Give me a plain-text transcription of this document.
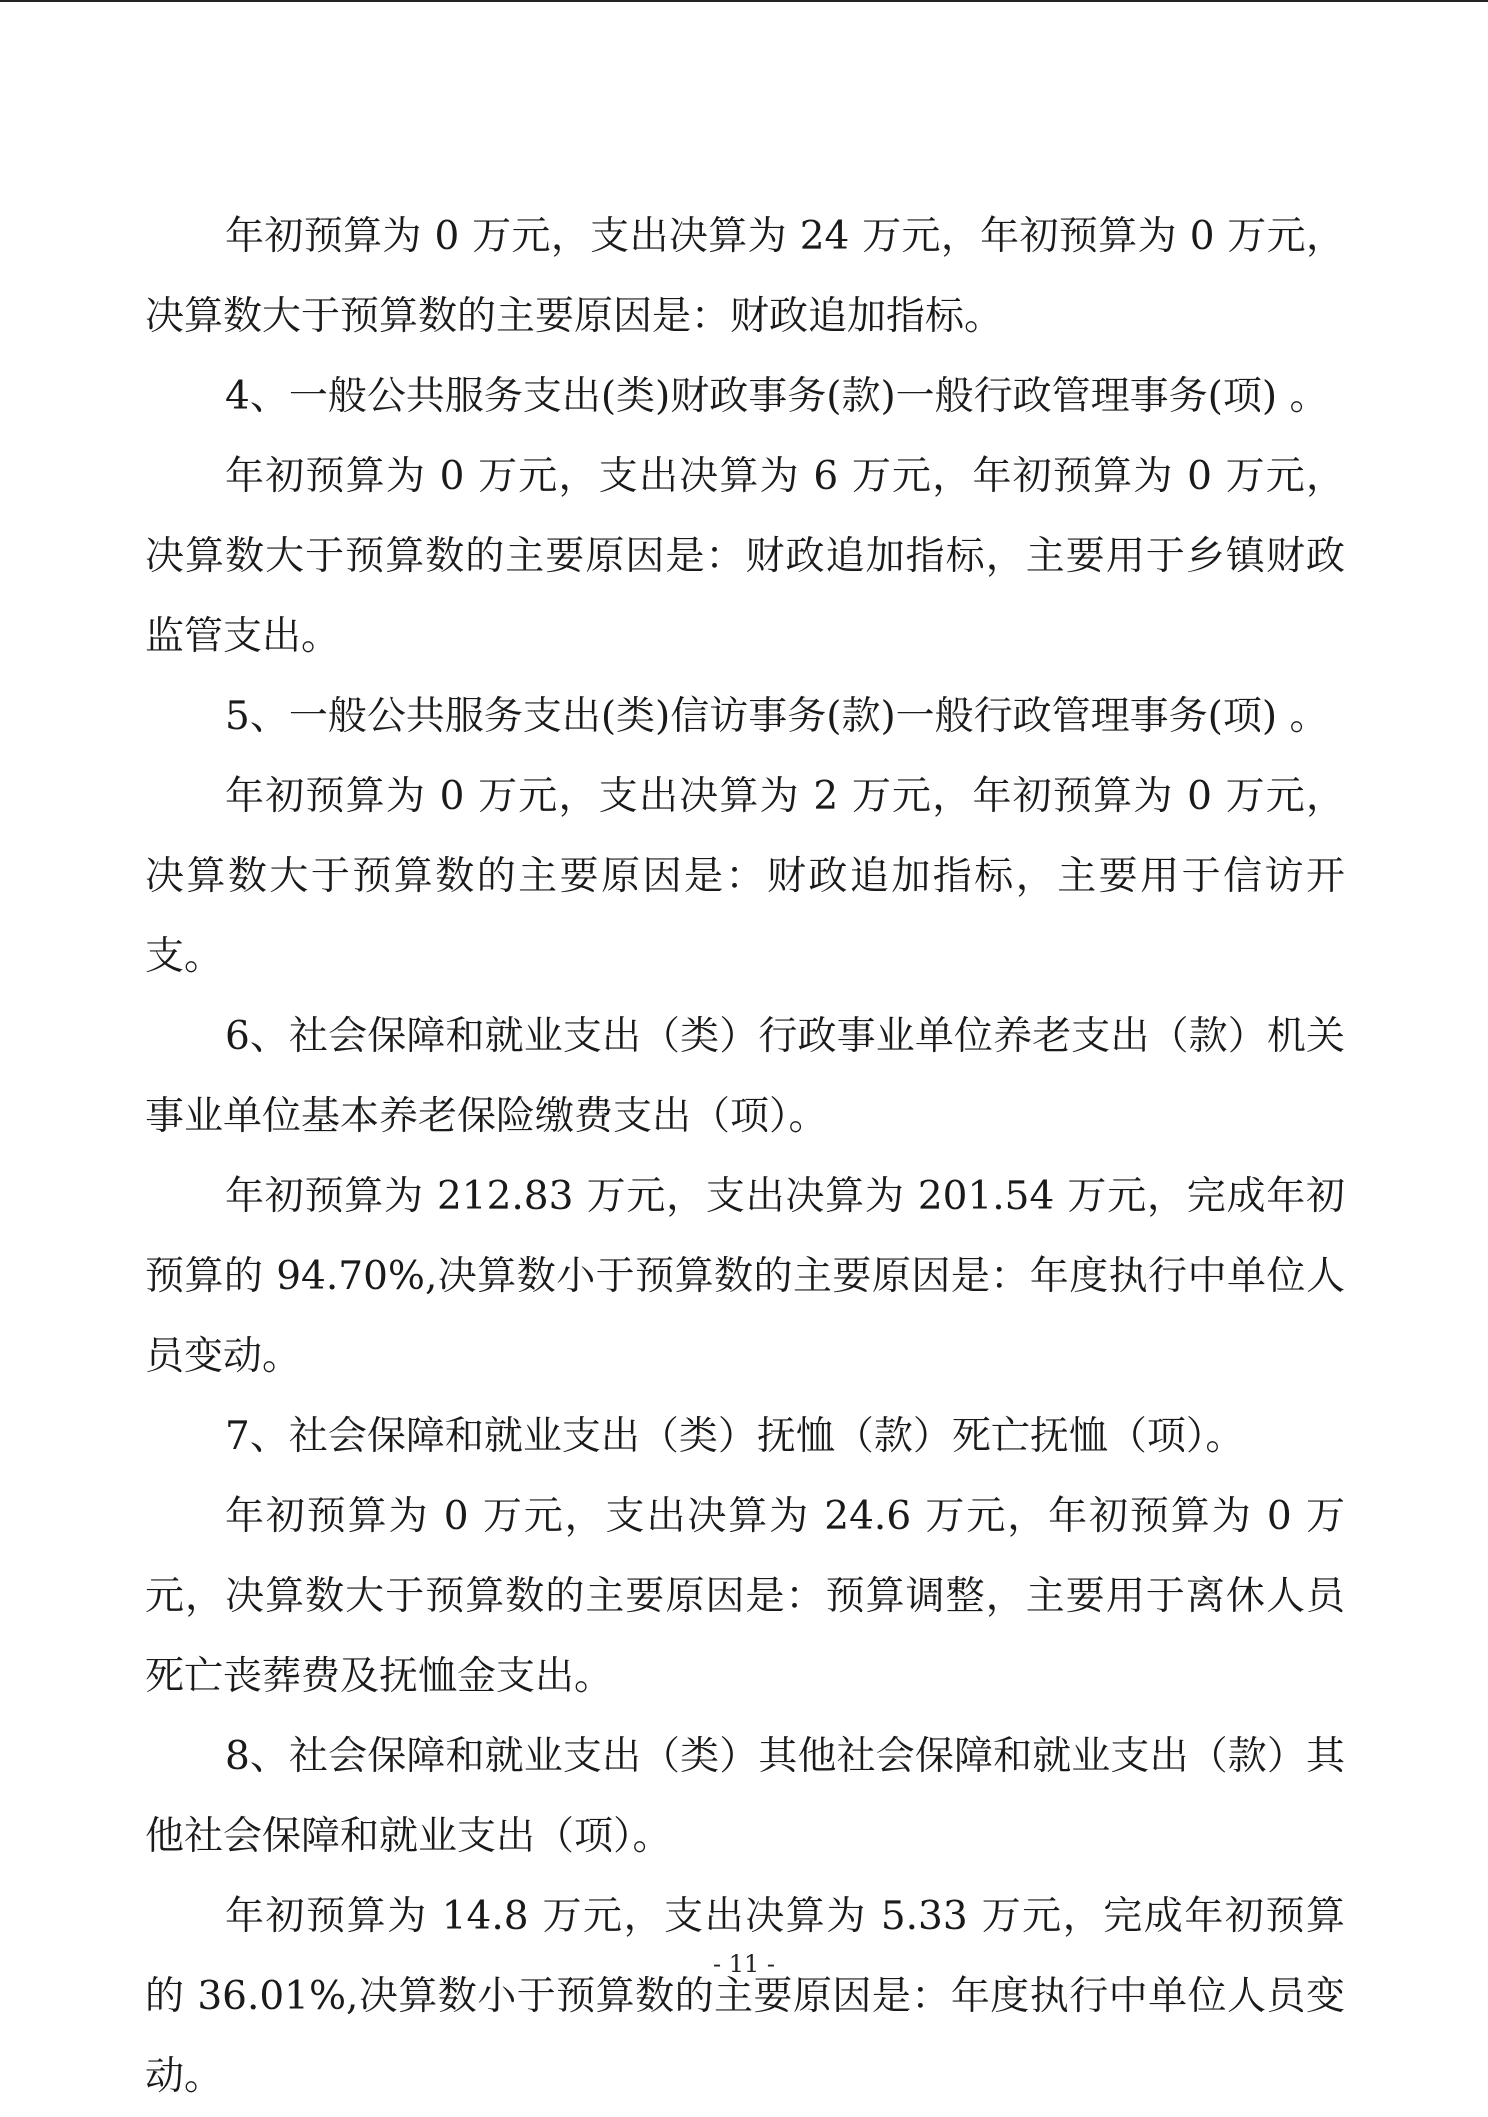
年初预算为 0 万元，支出决算为 24 万元，年初预算为 0 万元，决算数大于预算数的主要原因是：财政追加指标。

4、一般公共服务支出(类)财政事务(款)一般行政管理事务(项) 。

年初预算为 0 万元，支出决算为 6 万元，年初预算为 0 万元，决算数大于预算数的主要原因是：财政追加指标，主要用于乡镇财政监管支出。

5、一般公共服务支出(类)信访事务(款)一般行政管理事务(项) 。

年初预算为 0 万元，支出决算为 2 万元，年初预算为 0 万元，决算数大于预算数的主要原因是：财政追加指标，主要用于信访开支。

6、社会保障和就业支出（类）行政事业单位养老支出（款）机关事业单位基本养老保险缴费支出（项）。

年初预算为 212.83 万元，支出决算为 201.54 万元，完成年初预算的 94.70%,决算数小于预算数的主要原因是：年度执行中单位人员变动。

7、社会保障和就业支出（类）抚恤（款）死亡抚恤（项）。

年初预算为 0 万元，支出决算为 24.6 万元，年初预算为 0 万元，决算数大于预算数的主要原因是：预算调整，主要用于离休人员死亡丧葬费及抚恤金支出。

8、社会保障和就业支出（类）其他社会保障和就业支出（款）其他社会保障和就业支出（项）。

年初预算为 14.8 万元，支出决算为 5.33 万元，完成年初预算的 36.01%,决算数小于预算数的主要原因是：年度执行中单位人员变动。

- 11 -
